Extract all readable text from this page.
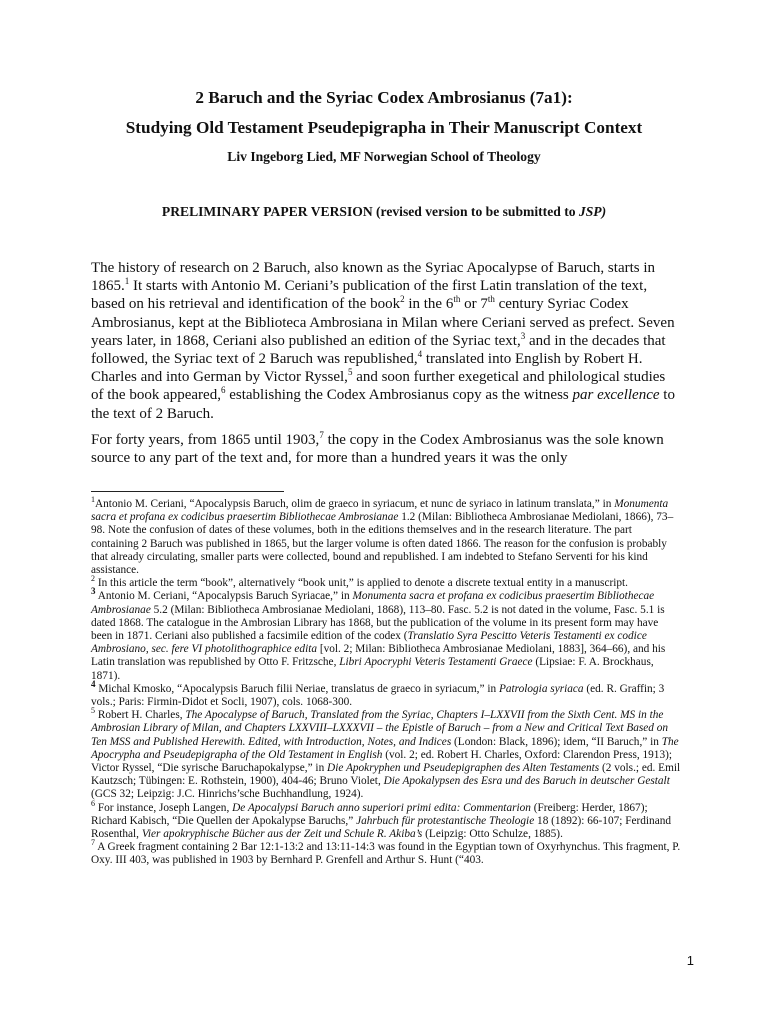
2 Baruch and the Syriac Codex Ambrosianus (7a1):
Studying Old Testament Pseudepigrapha in Their Manuscript Context
Liv Ingeborg Lied, MF Norwegian School of Theology
PRELIMINARY PAPER VERSION (revised version to be submitted to JSP)

The history of research on 2 Baruch, also known as the Syriac Apocalypse of Baruch, starts in 1865.$^1$ It starts with Antonio M. Ceriani’s publication of the first Latin translation of the text, based on his retrieval and identification of the book$^2$ in the 6th or 7th century Syriac Codex Ambrosianus, kept at the Biblioteca Ambrosiana in Milan where Ceriani served as prefect. Seven years later, in 1868, Ceriani also published an edition of the Syriac text,$^3$ and in the decades that followed, the Syriac text of 2 Baruch was republished,$^4$ translated into English by Robert H. Charles and into German by Victor Ryssel,$^5$ and soon further exegetical and philological studies of the book appeared,$^6$ establishing the Codex Ambrosianus copy as the witness par excellence to the text of 2 Baruch.

For forty years, from 1865 until 1903,$^7$ the copy in the Codex Ambrosianus was the sole known source to any part of the text and, for more than a hundred years it was the only

$^1$Antonio M. Ceriani, “Apocalypsis Baruch, olim de graeco in syriacum, et nunc de syriaco in latinum translata,” in Monumenta sacra et profana ex codicibus praesertim Bibliothecae Ambrosianae 1.2 (Milan: Bibliotheca Ambrosianae Mediolani, 1866), 73–98. Note the confusion of dates of these volumes, both in the editions themselves and in the research literature. The part containing 2 Baruch was published in 1865, but the larger volume is often dated 1866. The reason for the confusion is probably that already circulating, smaller parts were collected, bound and republished. I am indebted to Stefano Serventi for his kind assistance.

$^2$ In this article the term “book”, alternatively “book unit,” is applied to denote a discrete textual entity in a manuscript.

$^3$ Antonio M. Ceriani, “Apocalypsis Baruch Syriacae,” in Monumenta sacra et profana ex codicibus praesertim Bibliothecae Ambrosianae 5.2 (Milan: Bibliotheca Ambrosianae Mediolani, 1868), 113–80. Fasc. 5.2 is not dated in the volume, Fasc. 5.1 is dated 1868. The catalogue in the Ambrosian Library has 1868, but the publication of the volume in its present form may have been in 1871. Ceriani also published a facsimile edition of the codex (Translatio Syra Pescitto Veteris Testamenti ex codice Ambrosiano, sec. fere VI photolithographice edita [vol. 2; Milan: Bibliotheca Ambrosianae Mediolani, 1883], 364–66), and his Latin translation was republished by Otto F. Fritzsche, Libri Apocryphi Veteris Testamenti Graece (Lipsiae: F. A. Brockhaus, 1871).

$^4$ Michal Kmosko, “Apocalypsis Baruch filii Neriae, translatus de graeco in syriacum,” in Patrologia syriaca (ed. R. Graffin; 3 vols.; Paris: Firmin-Didot et Socli, 1907), cols. 1068-300.

$^5$ Robert H. Charles, The Apocalypse of Baruch, Translated from the Syriac, Chapters I–LXXVII from the Sixth Cent. MS in the Ambrosian Library of Milan, and Chapters LXXVIII–LXXXVII – the Epistle of Baruch – from a New and Critical Text Based on Ten MSS and Published Herewith. Edited, with Introduction, Notes, and Indices (London: Black, 1896); idem, “II Baruch,” in The Apocrypha and Pseudepigrapha of the Old Testament in English (vol. 2; ed. Robert H. Charles, Oxford: Clarendon Press, 1913); Victor Ryssel, “Die syrische Baruchapokalypse,” in Die Apokryphen und Pseudepigraphen des Alten Testaments (2 vols.; ed. Emil Kautzsch; Tübingen: E. Rothstein, 1900), 404-46; Bruno Violet, Die Apokalypsen des Esra und des Baruch in deutscher Gestalt (GCS 32; Leipzig: J.C. Hinrichs’sche Buchhandlung, 1924).

$^6$ For instance, Joseph Langen, De Apocalypsi Baruch anno superiori primi edita: Commentarion (Freiberg: Herder, 1867); Richard Kabisch, “Die Quellen der Apokalypse Baruchs,” Jahrbuch für protestantische Theologie 18 (1892): 66-107; Ferdinand Rosenthal, Vier apokryphische Bücher aus der Zeit und Schule R. Akiba’s (Leipzig: Otto Schulze, 1885).

$^7$ A Greek fragment containing 2 Bar 12:1-13:2 and 13:11-14:3 was found in the Egyptian town of Oxyrhynchus. This fragment, P. Oxy. III 403, was published in 1903 by Bernhard P. Grenfell and Arthur S. Hunt (“403.

1
